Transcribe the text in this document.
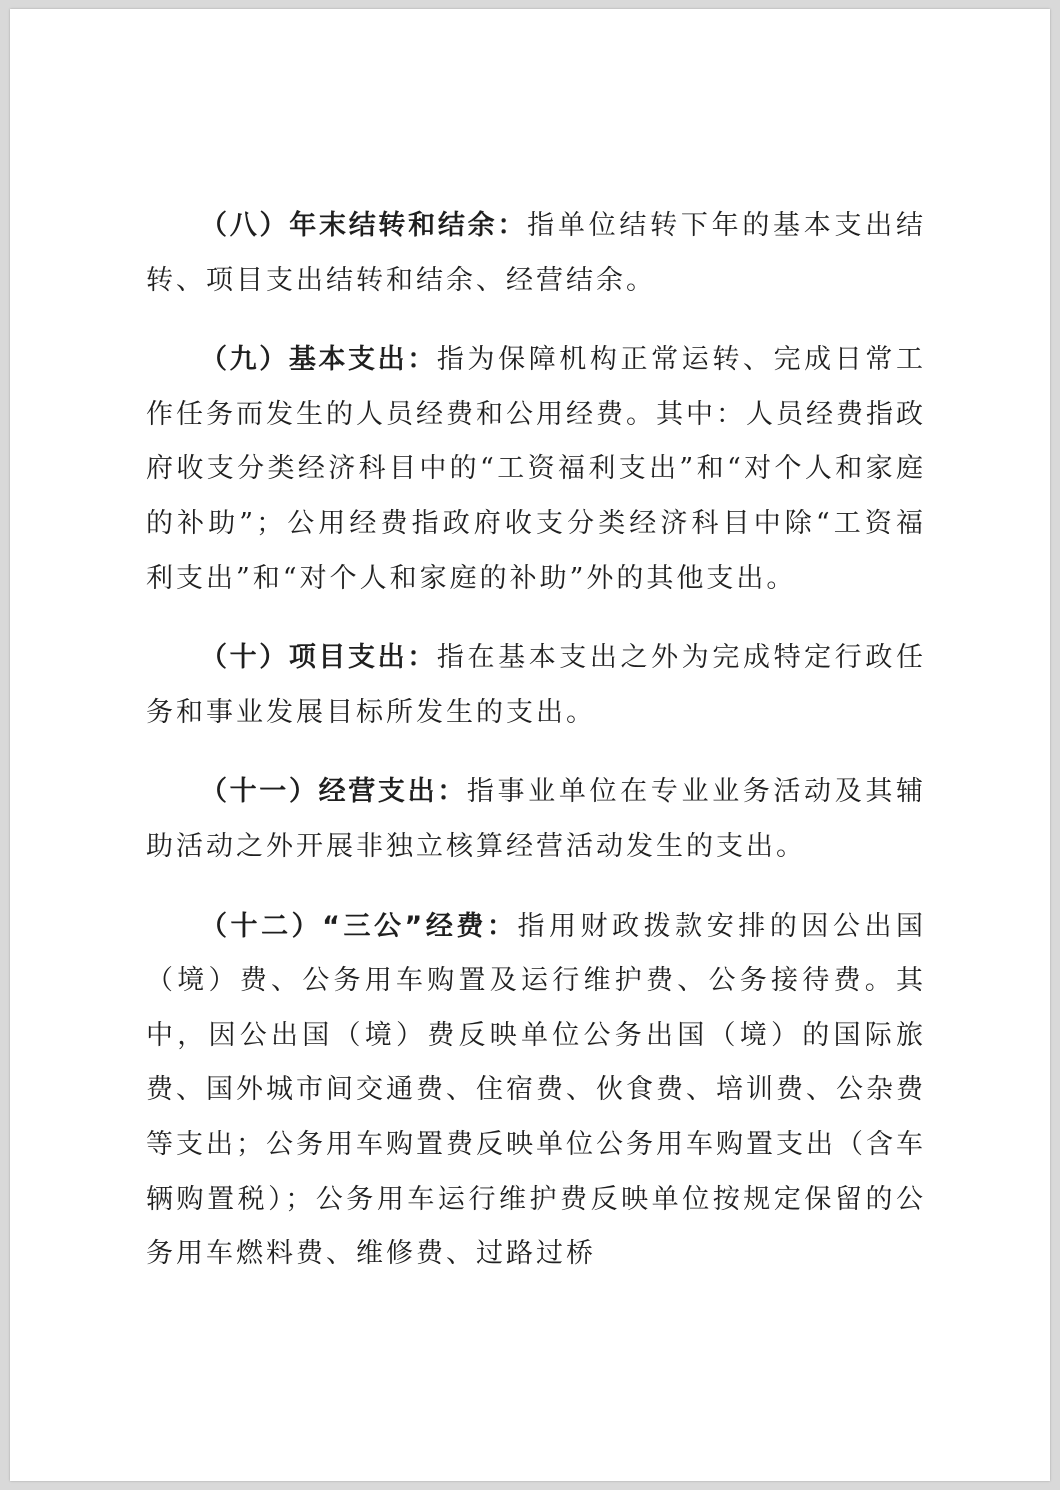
（八）年末结转和结余：指单位结转下年的基本支出结转、项目支出结转和结余、经营结余。

（九）基本支出：指为保障机构正常运转、完成日常工作任务而发生的人员经费和公用经费。其中：人员经费指政府收支分类经济科目中的“工资福利支出”和“对个人和家庭的补助”；公用经费指政府收支分类经济科目中除“工资福利支出”和“对个人和家庭的补助”外的其他支出。

（十）项目支出：指在基本支出之外为完成特定行政任务和事业发展目标所发生的支出。

（十一）经营支出：指事业单位在专业业务活动及其辅助活动之外开展非独立核算经营活动发生的支出。

（十二）“三公”经费：指用财政拨款安排的因公出国（境）费、公务用车购置及运行维护费、公务接待费。其中，因公出国（境）费反映单位公务出国（境）的国际旅费、国外城市间交通费、住宿费、伙食费、培训费、公杂费等支出；公务用车购置费反映单位公务用车购置支出（含车辆购置税）；公务用车运行维护费反映单位按规定保留的公务用车燃料费、维修费、过路过桥
